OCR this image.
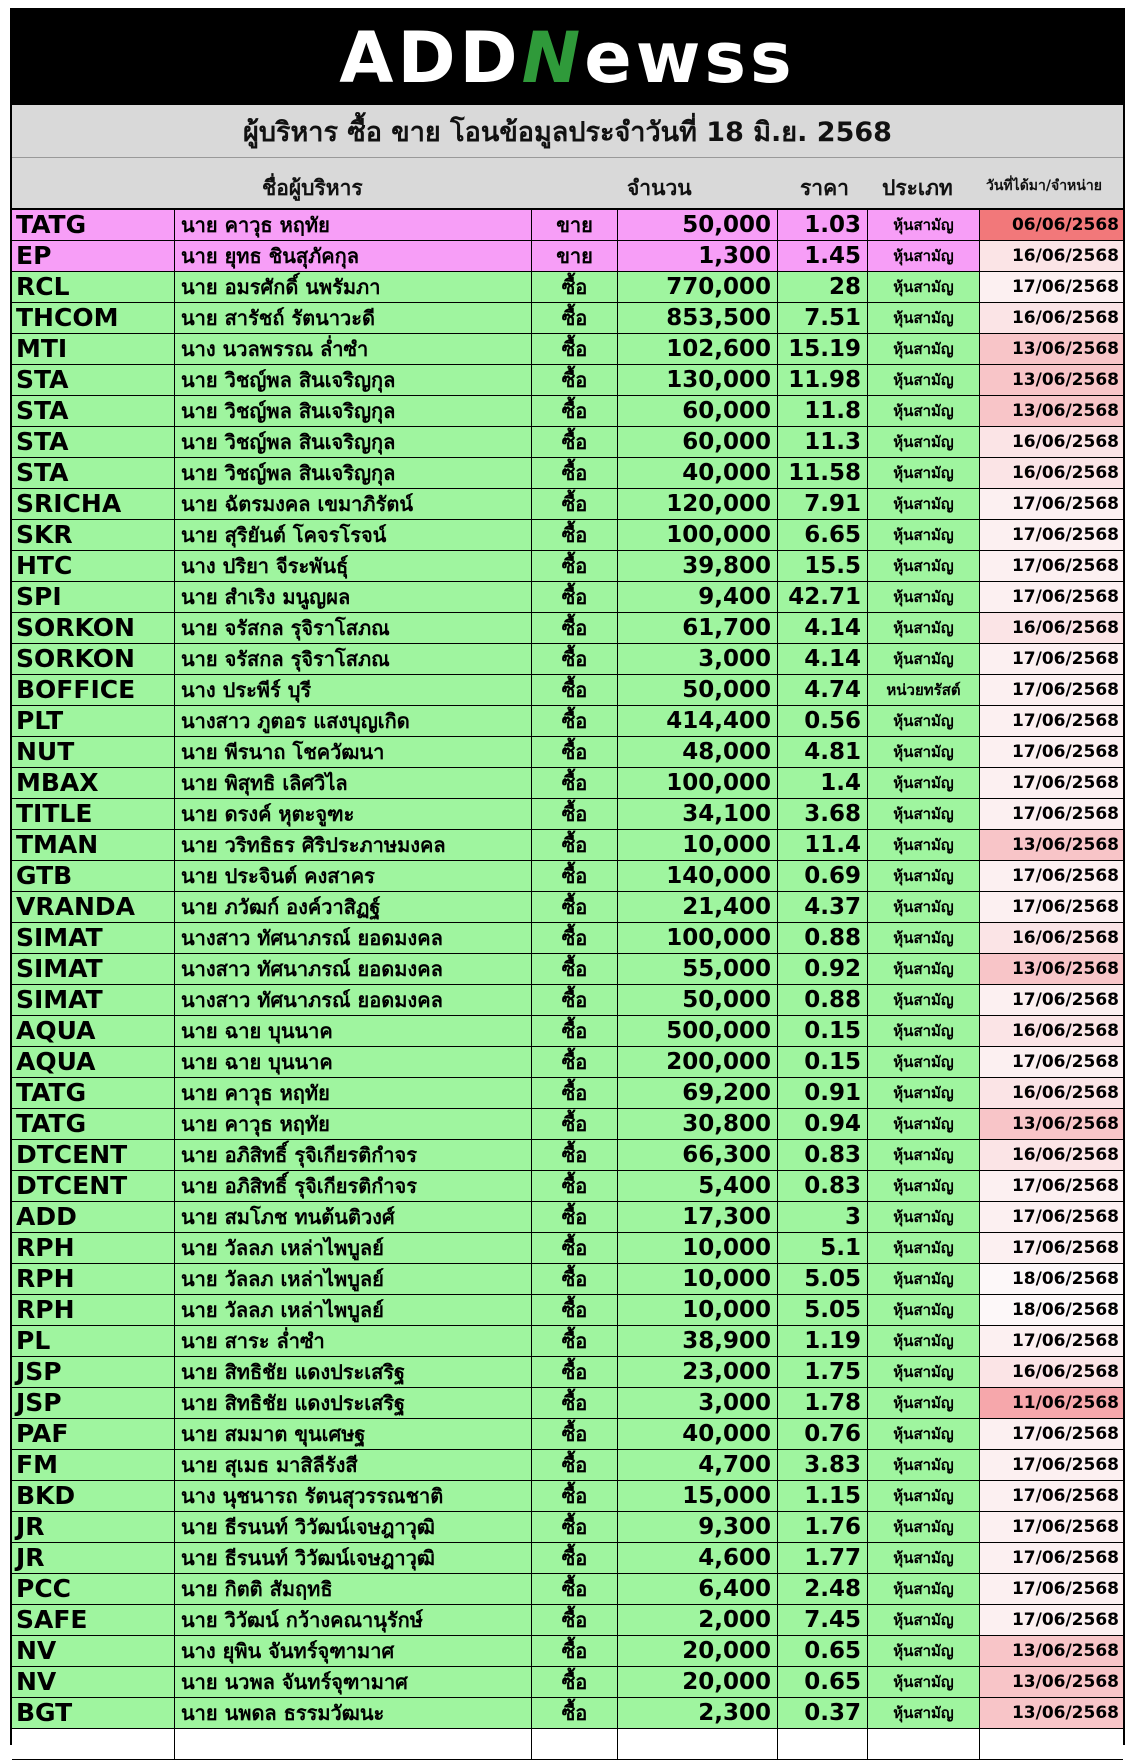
ADDNewss
ผู้บริหาร ซื้อ ขาย โอนข้อมูลประจำวันที่ 18 มิ.ย. 2568
ชื่อผู้บริหาร	จำนวน	ราคา ประเภท วันที่ได้มา/จำหน่าย
TATG	นาย คาวุธ หฤทัย	ขาย	50,000	1.03	หุ้นสามัญ	06/06/2568
EP	นาย ยุทธ ชินสุภัคกุล	ขาย	1,300	1.45	หุ้นสามัญ	16/06/2568
RCL	นาย อมรศักดิ์ นพรัมภา	ซื้อ	770,000	28	หุ้นสามัญ	17/06/2568
THCOM	นาย สารัชถ์ รัตนาวะดี	ซื้อ	853,500	7.51	หุ้นสามัญ	16/06/2568
MTI	นาง นวลพรรณ ล่ำซำ	ซื้อ	102,600 15.19	หุ้นสามัญ	13/06/2568
STA	นาย วิชญ์พล สินเจริญกุล	ซื้อ	130,000 11.98	หุ้นสามัญ	13/06/2568
STA	นาย วิชญ์พล สินเจริญกุล	ซื้อ	60,000	11.8	หุ้นสามัญ	13/06/2568
STA	นาย วิชญ์พล สินเจริญกุล	ซื้อ	60,000	11.3	หุ้นสามัญ	16/06/2568
STA	นาย วิชญ์พล สินเจริญกุล	ซื้อ	40,000 11.58	หุ้นสามัญ	16/06/2568
SRICHA	นาย ฉัตรมงคล เขมาภิรัตน์	ซื้อ	120,000	7.91	หุ้นสามัญ	17/06/2568
SKR	นาย สุริยันต์ โคจรโรจน์	ซื้อ	100,000	6.65	หุ้นสามัญ	17/06/2568
HTC	นาง ปริยา จีระพันธุ์	ซื้อ	39,800	15.5	หุ้นสามัญ	17/06/2568
SPI	นาย สำเริง มนูญผล	ซื้อ	9,400 42.71	หุ้นสามัญ	17/06/2568
SORKON	นาย จรัสกล รุจิราโสภณ	ซื้อ	61,700	4.14	หุ้นสามัญ	16/06/2568
SORKON	นาย จรัสกล รุจิราโสภณ	ซื้อ	3,000	4.14	หุ้นสามัญ	17/06/2568
BOFFICE	นาง ประพีร์ บุรี	ซื้อ	50,000	4.74	หน่วยทรัสต์	17/06/2568
PLT	นางสาว ภูตอร แสงบุญเกิด	ซื้อ	414,400	0.56	หุ้นสามัญ	17/06/2568
NUT	นาย พีรนาถ โชควัฒนา	ซื้อ	48,000	4.81	หุ้นสามัญ	17/06/2568
MBAX	นาย พิสุทธิ เลิศวิไล	ซื้อ	100,000	1.4	หุ้นสามัญ	17/06/2568
TITLE	นาย ดรงค์ หุตะจูฑะ	ซื้อ	34,100	3.68	หุ้นสามัญ	17/06/2568
TMAN	นาย วริทธิธร ศิริประภาษมงคล	ซื้อ	10,000	11.4	หุ้นสามัญ	13/06/2568
GTB	นาย ประจินต์ คงสาคร	ซื้อ	140,000	0.69	หุ้นสามัญ	17/06/2568
VRANDA	นาย ภวัฒก์ องค์วาสิฏฐ์	ซื้อ	21,400	4.37	หุ้นสามัญ	17/06/2568
SIMAT	นางสาว ทัศนาภรณ์ ยอดมงคล	ซื้อ	100,000	0.88	หุ้นสามัญ	16/06/2568
SIMAT	นางสาว ทัศนาภรณ์ ยอดมงคล	ซื้อ	55,000	0.92	หุ้นสามัญ	13/06/2568
SIMAT	นางสาว ทัศนาภรณ์ ยอดมงคล	ซื้อ	50,000	0.88	หุ้นสามัญ	17/06/2568
AQUA	นาย ฉาย บุนนาค	ซื้อ	500,000	0.15	หุ้นสามัญ	16/06/2568
AQUA	นาย ฉาย บุนนาค	ซื้อ	200,000	0.15	หุ้นสามัญ	17/06/2568
TATG	นาย คาวุธ หฤทัย	ซื้อ	69,200	0.91	หุ้นสามัญ	16/06/2568
TATG	นาย คาวุธ หฤทัย	ซื้อ	30,800	0.94	หุ้นสามัญ	13/06/2568
DTCENT	นาย อภิสิทธิ์ รุจิเกียรติกำจร	ซื้อ	66,300	0.83	หุ้นสามัญ	16/06/2568
DTCENT	นาย อภิสิทธิ์ รุจิเกียรติกำจร	ซื้อ	5,400	0.83	หุ้นสามัญ	17/06/2568
ADD	นาย สมโภช ทนต้นติวงศ์	ซื้อ	17,300	3	หุ้นสามัญ	17/06/2568
RPH	นาย วัลลภ เหล่าไพบูลย์	ซื้อ	10,000	5.1	หุ้นสามัญ	17/06/2568
RPH	นาย วัลลภ เหล่าไพบูลย์	ซื้อ	10,000	5.05	หุ้นสามัญ	18/06/2568
RPH	นาย วัลลภ เหล่าไพบูลย์	ซื้อ	10,000	5.05	หุ้นสามัญ	18/06/2568
PL	นาย สาระ ล่ำซำ	ซื้อ	38,900	1.19	หุ้นสามัญ	17/06/2568
JSP	นาย สิทธิชัย แดงประเสริฐ	ซื้อ	23,000	1.75	หุ้นสามัญ	16/06/2568
JSP	นาย สิทธิชัย แดงประเสริฐ	ซื้อ	3,000	1.78	หุ้นสามัญ	11/06/2568
PAF	นาย สมมาต ขุนเศษฐ	ซื้อ	40,000	0.76	หุ้นสามัญ	17/06/2568
FM	นาย สุเมธ มาสิลีรังสี	ซื้อ	4,700	3.83	หุ้นสามัญ	17/06/2568
BKD	นาง นุชนารถ รัตนสุวรรณชาติ	ซื้อ	15,000	1.15	หุ้นสามัญ	17/06/2568
JR	นาย ธีรนนท์ วิวัฒน์เจษฎาวุฒิ	ซื้อ	9,300	1.76	หุ้นสามัญ	17/06/2568
JR	นาย ธีรนนท์ วิวัฒน์เจษฎาวุฒิ	ซื้อ	4,600	1.77	หุ้นสามัญ	17/06/2568
PCC	นาย กิตติ สัมฤทธิ	ซื้อ	6,400	2.48	หุ้นสามัญ	17/06/2568
SAFE	นาย วิวัฒน์ กว้างคณานุรักษ์	ซื้อ	2,000	7.45	หุ้นสามัญ	17/06/2568
NV	นาง ยุพิน จันทร์จุฑามาศ	ซื้อ	20,000	0.65	หุ้นสามัญ	13/06/2568
NV	นาย นวพล จันทร์จุฑามาศ	ซื้อ	20,000	0.65	หุ้นสามัญ	13/06/2568
BGT	นาย นพดล ธรรมวัฒนะ	ซื้อ	2,300	0.37	หุ้นสามัญ	13/06/2568
